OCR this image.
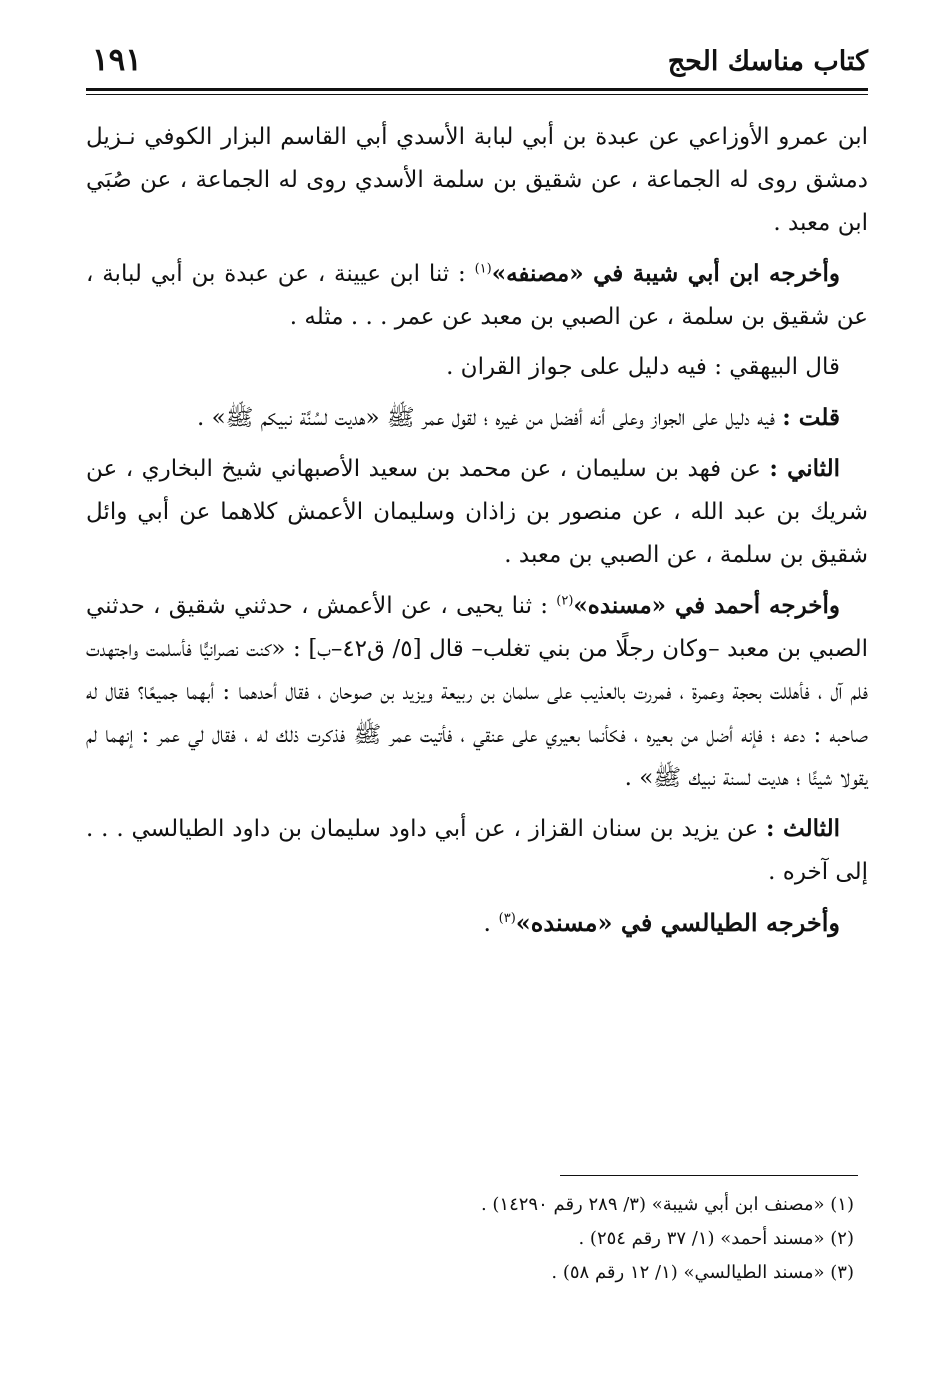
كتاب مناسك الحج
١٩١

ابن عمرو الأوزاعي عن عبدة بن أبي لبابة الأسدي أبي القاسم البزار الكوفي نـزيل دمشق روى له الجماعة ، عن شقيق بن سلمة الأسدي روى له الجماعة ، عن صُبَي ابن معبد .

وأخرجه ابن أبي شيبة في «مصنفه»$^{(١)}$ : ثنا ابن عيينة ، عن عبدة بن أبي لبابة ، عن شقيق بن سلمة ، عن الصبي بن معبد عن عمر . . . مثله .

قال البيهقي : فيه دليل على جواز القران .

قلت : فيه دليل على الجواز وعلى أنه أفضل من غيره ؛ لقول عمر ﷺ «هديت لسُنَّة نبيكم ﷺ» .

الثاني : عن فهد بن سليمان ، عن محمد بن سعيد الأصبهاني شيخ البخاري ، عن شريك بن عبد الله ، عن منصور بن زاذان وسليمان الأعمش كلاهما عن أبي وائل شقيق بن سلمة ، عن الصبي بن معبد .

وأخرجه أحمد في «مسنده»$^{(٢)}$ : ثنا يحيى ، عن الأعمش ، حدثني شقيق ، حدثني الصبي بن معبد –وكان رجلًا من بني تغلب– قال [٥/ ق٤٢–ب] : «كنت نصرانيًّا فأسلمت واجتهدت فلم آل ، فأهللت بحجة وعمرة ، فمررت بالعذيب على سلمان بن ربيعة ويزيد بن صوحان ، فقال أحدهما : أبهما جميعًا؟ فقال له صاحبه : دعه ؛ فإنه أضل من بعيره ، فكأنما بعيري على عنقي ، فأتيت عمر ﷺ فذكرت ذلك له ، فقال لي عمر : إنهما لم يقولا شيئًا ؛ هديت لسنة نبيك ﷺ» .

الثالث : عن يزيد بن سنان القزاز ، عن أبي داود سليمان بن داود الطيالسي . . . إلى آخره .

وأخرجه الطيالسي في «مسنده»$^{(٣)}$ .

(١) «مصنف ابن أبي شيبة» (٣/ ٢٨٩ رقم ١٤٢٩٠) .
(٢) «مسند أحمد» (١/ ٣٧ رقم ٢٥٤) .
(٣) «مسند الطيالسي» (١/ ١٢ رقم ٥٨) .
